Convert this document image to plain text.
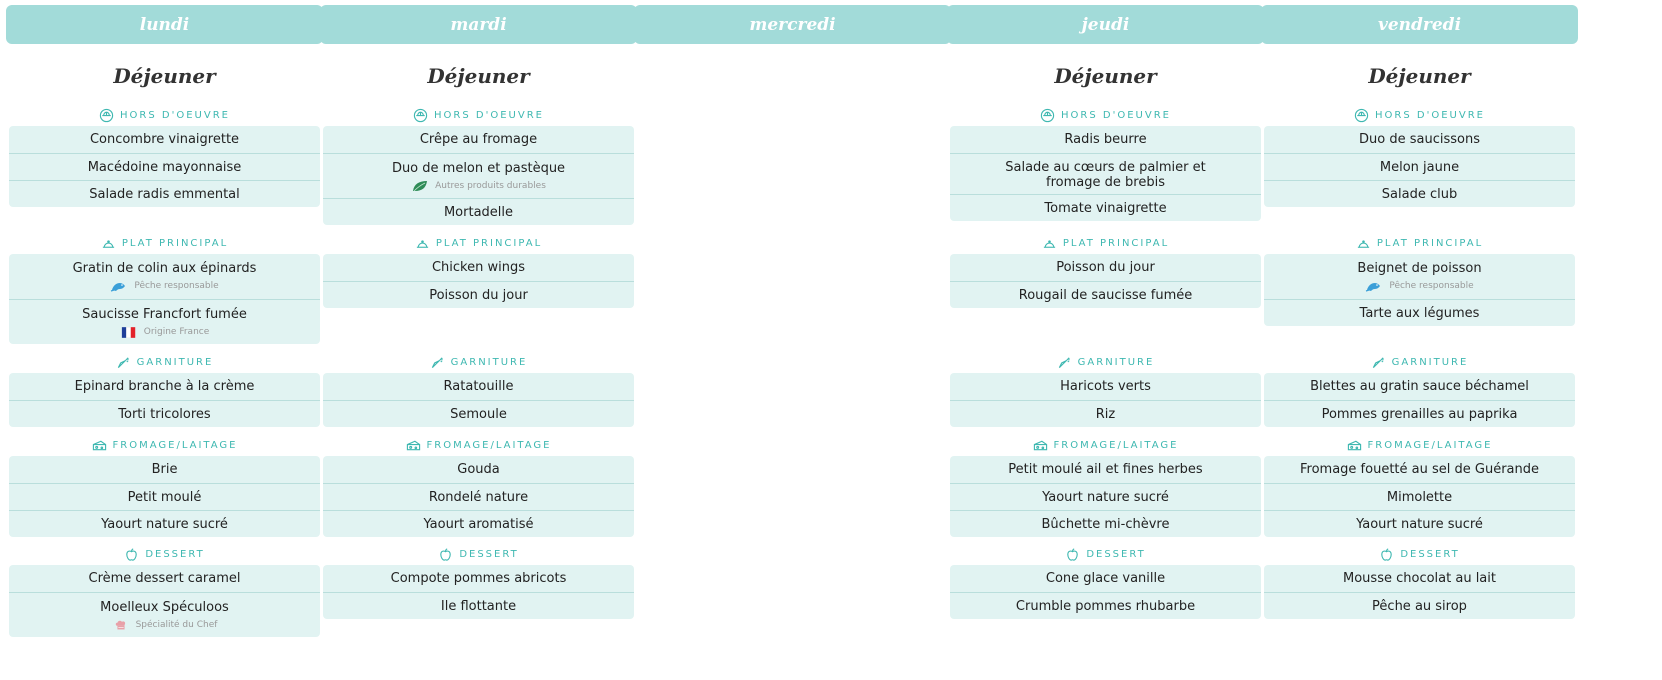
lundi
Déjeuner
HORS D'OEUVRE
Concombre vinaigrette
Macédoine mayonnaise
Salade radis emmental
PLAT PRINCIPAL
Gratin de colin aux épinards
Pêche responsable
Saucisse Francfort fumée
Origine France
GARNITURE
Epinard branche à la crème
Torti tricolores
FROMAGE/LAITAGE
Brie
Petit moulé
Yaourt nature sucré
DESSERT
Crème dessert caramel
Moelleux Spéculoos
Spécialité du Chef
mardi
Déjeuner
HORS D'OEUVRE
Crêpe au fromage
Duo de melon et pastèque
Autres produits durables
Mortadelle
PLAT PRINCIPAL
Chicken wings
Poisson du jour
GARNITURE
Ratatouille
Semoule
FROMAGE/LAITAGE
Gouda
Rondelé nature
Yaourt aromatisé
DESSERT
Compote pommes abricots
Ile flottante
mercredi	jeudi
Déjeuner
HORS D'OEUVRE
Radis beurre
Salade au cœurs de palmier et fromage de brebis
Tomate vinaigrette
PLAT PRINCIPAL
Poisson du jour
Rougail de saucisse fumée
GARNITURE
Haricots verts
Riz
FROMAGE/LAITAGE
Petit moulé ail et fines herbes
Yaourt nature sucré
Bûchette mi-chèvre
DESSERT
Cone glace vanille
Crumble pommes rhubarbe
vendredi
Déjeuner
HORS D'OEUVRE
Duo de saucissons
Melon jaune
Salade club
PLAT PRINCIPAL
Beignet de poisson
Pêche responsable
Tarte aux légumes
GARNITURE
Blettes au gratin sauce béchamel
Pommes grenailles au paprika
FROMAGE/LAITAGE
Fromage fouetté au sel de Guérande
Mimolette
Yaourt nature sucré
DESSERT
Mousse chocolat au lait
Pêche au sirop
